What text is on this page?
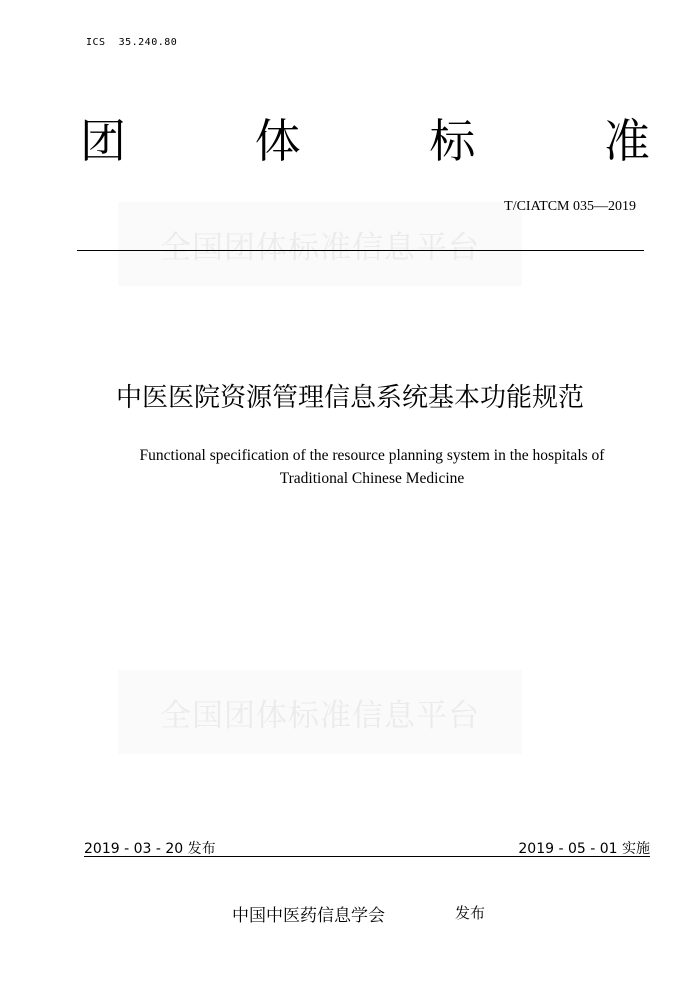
ICS  35.240.80
团	体	标	准
全国团体标准信息平台
T/CIATCM 035—2019
中医医院资源管理信息系统基本功能规范
Functional specification of the resource planning system in the hospitals of
Traditional Chinese Medicine
全国团体标准信息平台
2019 - 03 - 20 发布	2019 - 05 - 01 实施
中国中医药信息学会	发布
